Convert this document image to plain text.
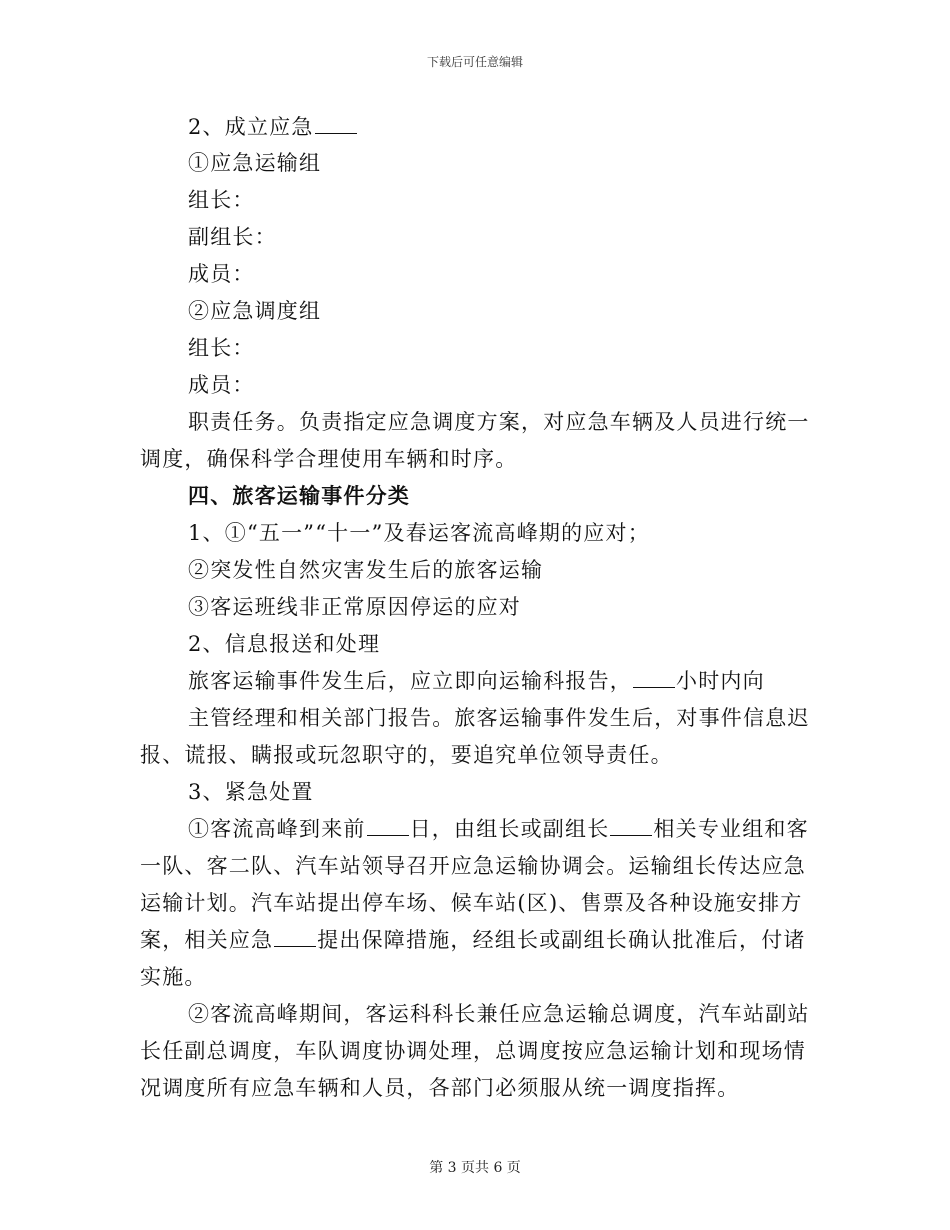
下载后可任意编辑
2、成立应急
①应急运输组
组长：
副组长：
成员：
②应急调度组
组长：
成员：
职责任务。负责指定应急调度方案，对应急车辆及人员进行统一
调度，确保科学合理使用车辆和时序。
四、旅客运输事件分类
1、①“五一”“十一”及春运客流高峰期的应对；
②突发性自然灾害发生后的旅客运输
③客运班线非正常原因停运的应对
2、信息报送和处理
旅客运输事件发生后，应立即向运输科报告， 小时内向
主管经理和相关部门报告。旅客运输事件发生后，对事件信息迟
报、谎报、瞒报或玩忽职守的，要追究单位领导责任。
3、紧急处置
①客流高峰到来前 日，由组长或副组长 相关专业组和客
一队、客二队、汽车站领导召开应急运输协调会。运输组长传达应急
运输计划。汽车站提出停车场、候车站(区)、售票及各种设施安排方
案，相关应急 提出保障措施，经组长或副组长确认批准后，付诸
实施。
②客流高峰期间，客运科科长兼任应急运输总调度，汽车站副站
长任副总调度，车队调度协调处理，总调度按应急运输计划和现场情
况调度所有应急车辆和人员，各部门必须服从统一调度指挥。
第 3 页共 6 页
